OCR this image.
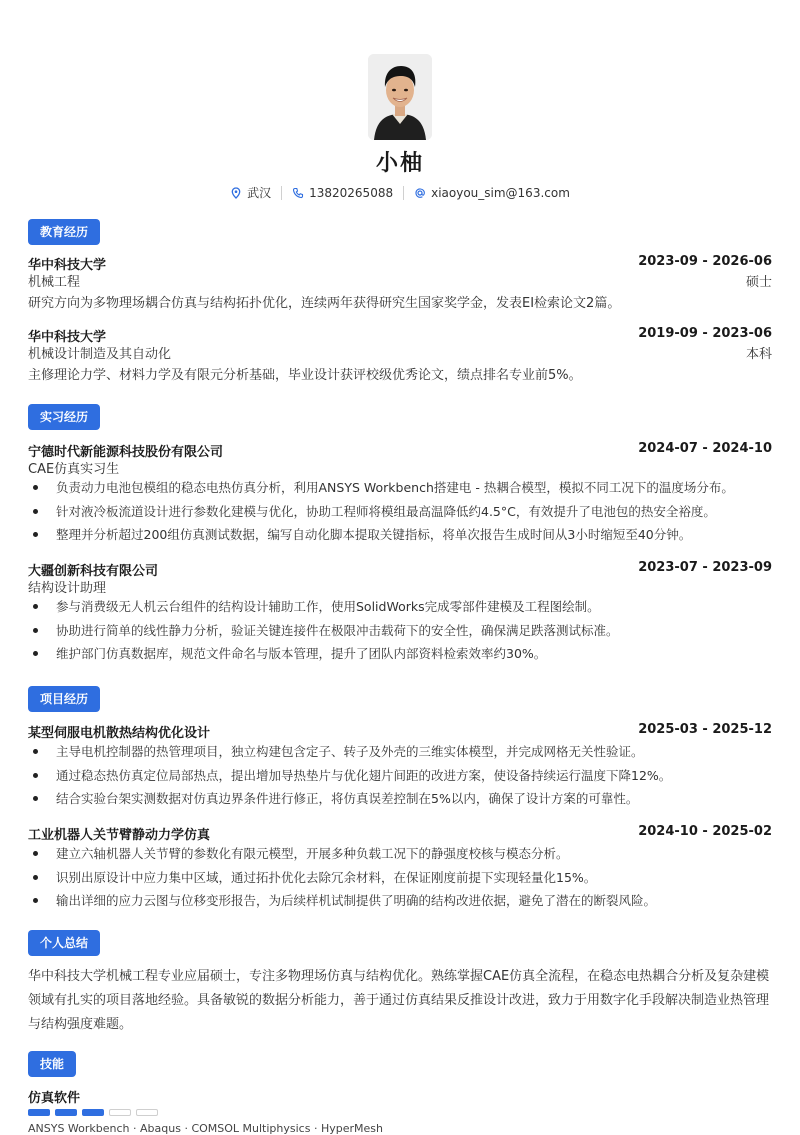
小柚
武汉	13820265088	xiaoyou_sim@163.com
教育经历
华中科技大学	2023-09 - 2026-06
机械工程	硕士
研究方向为多物理场耦合仿真与结构拓扑优化，连续两年获得研究生国家奖学金，发表EI检索论文2篇。
华中科技大学	2019-09 - 2023-06
机械设计制造及其自动化	本科
主修理论力学、材料力学及有限元分析基础，毕业设计获评校级优秀论文，绩点排名专业前5%。
实习经历
宁德时代新能源科技股份有限公司	2024-07 - 2024-10
CAE仿真实习生
负责动力电池包模组的稳态电热仿真分析，利用ANSYS Workbench搭建电 - 热耦合模型，模拟不同工况下的温度场分布。
针对液冷板流道设计进行参数化建模与优化，协助工程师将模组最高温降低约4.5°C，有效提升了电池包的热安全裕度。
整理并分析超过200组仿真测试数据，编写自动化脚本提取关键指标，将单次报告生成时间从3小时缩短至40分钟。
大疆创新科技有限公司	2023-07 - 2023-09
结构设计助理
参与消费级无人机云台组件的结构设计辅助工作，使用SolidWorks完成零部件建模及工程图绘制。
协助进行简单的线性静力分析，验证关键连接件在极限冲击载荷下的安全性，确保满足跌落测试标准。
维护部门仿真数据库，规范文件命名与版本管理，提升了团队内部资料检索效率约30%。
项目经历
某型伺服电机散热结构优化设计	2025-03 - 2025-12
主导电机控制器的热管理项目，独立构建包含定子、转子及外壳的三维实体模型，并完成网格无关性验证。
通过稳态热仿真定位局部热点，提出增加导热垫片与优化翅片间距的改进方案，使设备持续运行温度下降12%。
结合实验台架实测数据对仿真边界条件进行修正，将仿真误差控制在5%以内，确保了设计方案的可靠性。
工业机器人关节臂静动力学仿真	2024-10 - 2025-02
建立六轴机器人关节臂的参数化有限元模型，开展多种负载工况下的静强度校核与模态分析。
识别出原设计中应力集中区域，通过拓扑优化去除冗余材料，在保证刚度前提下实现轻量化15%。
输出详细的应力云图与位移变形报告，为后续样机试制提供了明确的结构改进依据，避免了潜在的断裂风险。
个人总结
华中科技大学机械工程专业应届硕士，专注多物理场仿真与结构优化。熟练掌握CAE仿真全流程，在稳态电热耦合分析及复杂建模领域有扎实的项目落地经验。具备敏锐的数据分析能力，善于通过仿真结果反推设计改进，致力于用数字化手段解决制造业热管理与结构强度难题。
技能
仿真软件
ANSYS Workbench · Abaqus · COMSOL Multiphysics · HyperMesh
